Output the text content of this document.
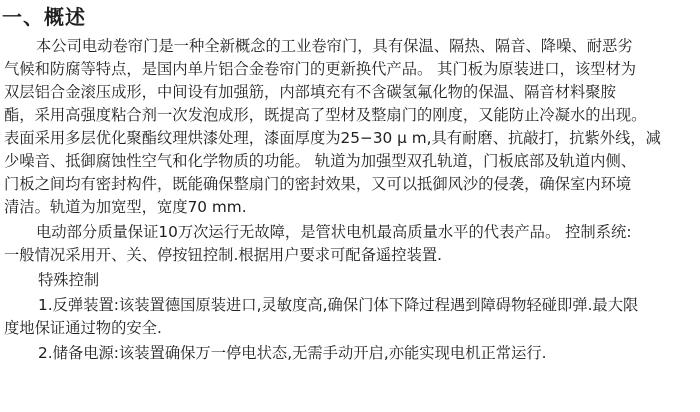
一、概述
本公司电动卷帘门是一种全新概念的工业卷帘门，具有保温、隔热、隔音、降噪、耐恶劣
气候和防腐等特点，是国内单片铝合金卷帘门的更新换代产品。 其门板为原装进口，该型材为
双层铝合金滚压成形，中间设有加强筋，内部填充有不含碳氢氟化物的保温、隔音材料聚胺
酯，采用高强度粘合剂一次发泡成形，既提高了型材及整扇门的刚度，又能防止冷凝水的出现。
表面采用多层优化聚酯纹理烘漆处理，漆面厚度为25−30 μ m,具有耐磨、抗敲打，抗紫外线，减
少噪音、抵御腐蚀性空气和化学物质的功能。 轨道为加强型双孔轨道，门板底部及轨道内侧、
门板之间均有密封构件，既能确保整扇门的密封效果，又可以抵御风沙的侵袭，确保室内环境
清洁。轨道为加宽型，宽度70 mm.
电动部分质量保证10万次运行无故障，是管状电机最高质量水平的代表产品。 控制系统:
一般情况采用开、关、停按钮控制.根据用户要求可配备遥控装置.
特殊控制
1.反弹装置:该装置德国原装进口,灵敏度高,确保门体下降过程遇到障碍物轻碰即弹.最大限
度地保证通过物的安全.
2.储备电源:该装置确保万一停电状态,无需手动开启,亦能实现电机正常运行.
